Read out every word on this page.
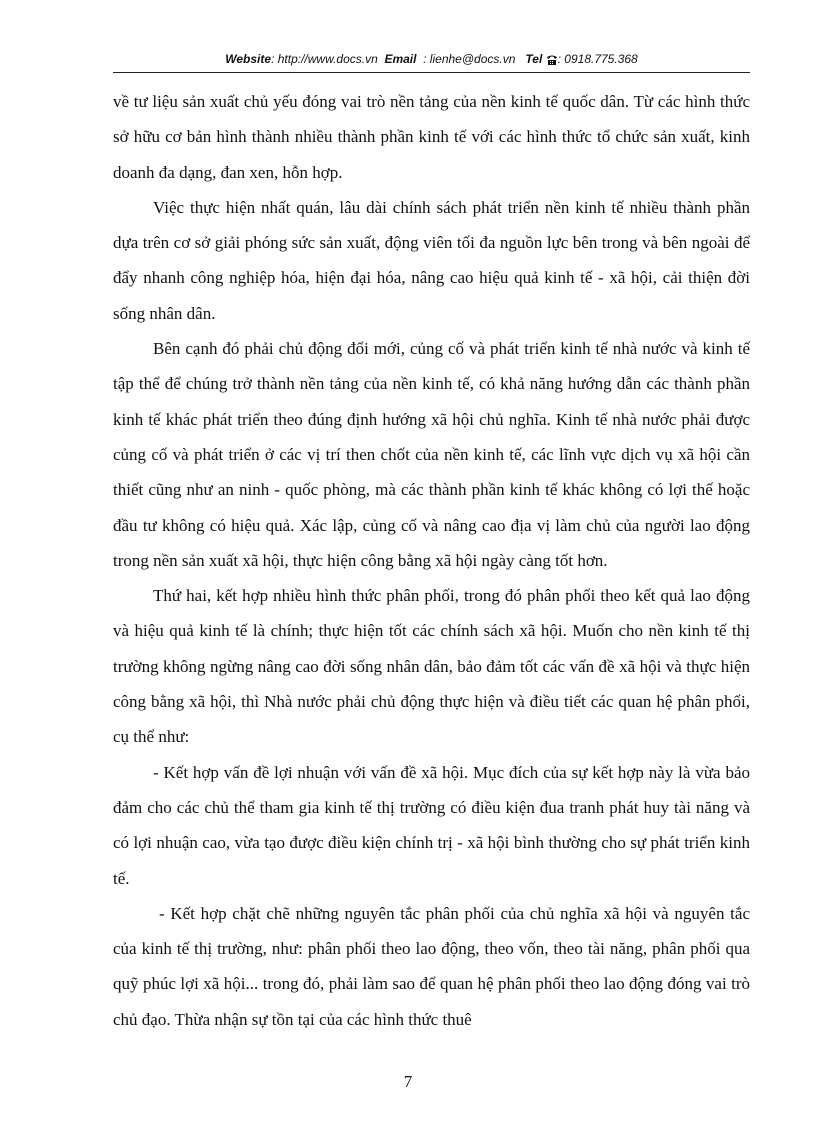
Website: http://www.docs.vn Email : lienhe@docs.vn Tel : 0918.775.368

về tư liệu sản xuất chủ yếu đóng vai trò nền tảng của nền kinh tế quốc dân. Từ các hình thức sở hữu cơ bản hình thành nhiều thành phần kinh tế với các hình thức tổ chức sản xuất, kinh doanh đa dạng, đan xen, hỗn hợp.

Việc thực hiện nhất quán, lâu dài chính sách phát triển nền kinh tế nhiều thành phần dựa trên cơ sở giải phóng sức sản xuất, động viên tối đa nguồn lực bên trong và bên ngoài để đẩy nhanh công nghiệp hóa, hiện đại hóa, nâng cao hiệu quả kinh tế - xã hội, cải thiện đời sống nhân dân.

Bên cạnh đó phải chủ động đổi mới, củng cố và phát triển kinh tế nhà nước và kinh tế tập thể để chúng trở thành nền tảng của nền kinh tế, có khả năng hướng dẫn các thành phần kinh tế khác phát triển theo đúng định hướng xã hội chủ nghĩa. Kinh tế nhà nước phải được củng cố và phát triển ở các vị trí then chốt của nền kinh tế, các lĩnh vực dịch vụ xã hội cần thiết cũng như an ninh - quốc phòng, mà các thành phần kinh tế khác không có lợi thế hoặc đầu tư không có hiệu quả. Xác lập, củng cố và nâng cao địa vị làm chủ của người lao động trong nền sản xuất xã hội, thực hiện công bằng xã hội ngày càng tốt hơn.

Thứ hai, kết hợp nhiều hình thức phân phối, trong đó phân phối theo kết quả lao động và hiệu quả kinh tế là chính; thực hiện tốt các chính sách xã hội. Muốn cho nền kinh tế thị trường không ngừng nâng cao đời sống nhân dân, bảo đảm tốt các vấn đề xã hội và thực hiện công bằng xã hội, thì Nhà nước phải chủ động thực hiện và điều tiết các quan hệ phân phối, cụ thể như:

- Kết hợp vấn đề lợi nhuận với vấn đề xã hội. Mục đích của sự kết hợp này là vừa bảo đảm cho các chủ thể tham gia kinh tế thị trường có điều kiện đua tranh phát huy tài năng và có lợi nhuận cao, vừa tạo được điều kiện chính trị - xã hội bình thường cho sự phát triển kinh tế.

- Kết hợp chặt chẽ những nguyên tắc phân phối của chủ nghĩa xã hội và nguyên tắc của kinh tế thị trường, như: phân phối theo lao động, theo vốn, theo tài năng, phân phối qua quỹ phúc lợi xã hội... trong đó, phải làm sao để quan hệ phân phối theo lao động đóng vai trò chủ đạo. Thừa nhận sự tồn tại của các hình thức thuê

7
